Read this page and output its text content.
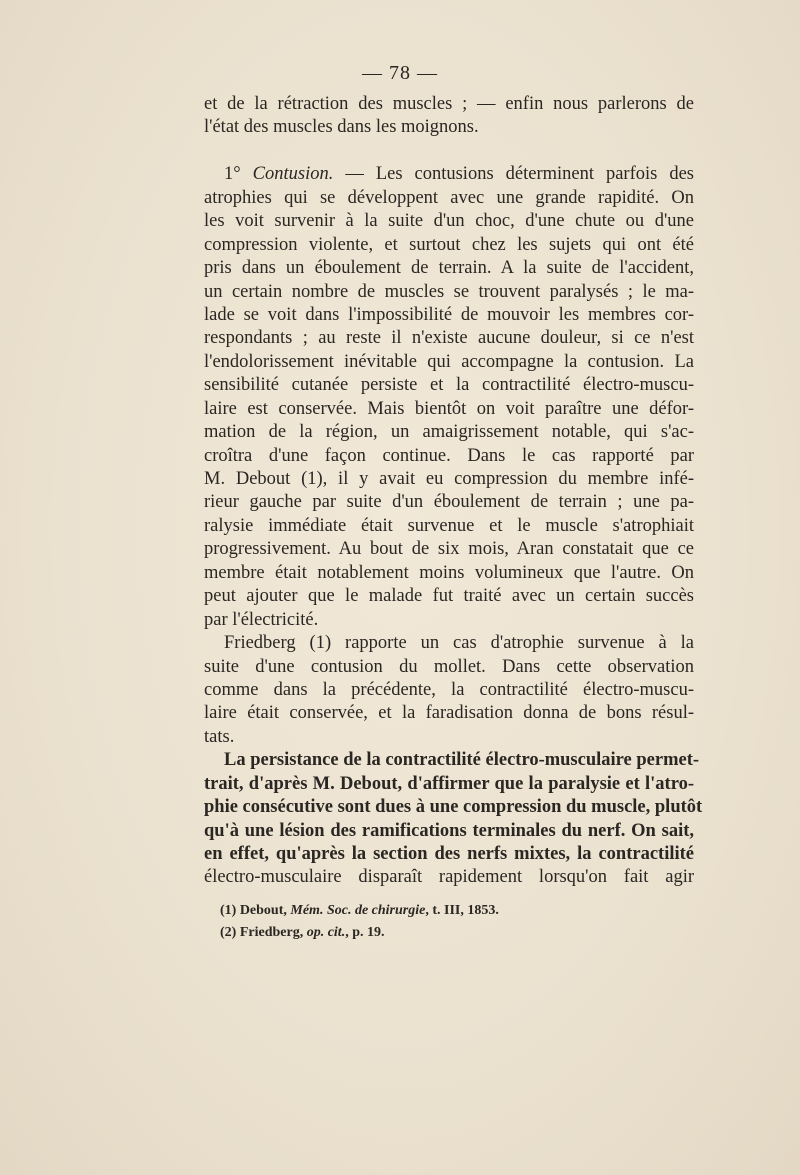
— 78 —
et de la rétraction des muscles ; — enfin nous parlerons de
l'état des muscles dans les moignons.
1° Contusion. — Les contusions déterminent parfois des
atrophies qui se développent avec une grande rapidité. On
les voit survenir à la suite d'un choc, d'une chute ou d'une
compression violente, et surtout chez les sujets qui ont été
pris dans un éboulement de terrain. A la suite de l'accident,
un certain nombre de muscles se trouvent paralysés ; le ma-
lade se voit dans l'impossibilité de mouvoir les membres cor-
respondants ; au reste il n'existe aucune douleur, si ce n'est
l'endolorissement inévitable qui accompagne la contusion. La
sensibilité cutanée persiste et la contractilité électro-muscu-
laire est conservée. Mais bientôt on voit paraître une défor-
mation de la région, un amaigrissement notable, qui s'ac-
croîtra d'une façon continue. Dans le cas rapporté par
M. Debout (1), il y avait eu compression du membre infé-
rieur gauche par suite d'un éboulement de terrain ; une pa-
ralysie immédiate était survenue et le muscle s'atrophiait
progressivement. Au bout de six mois, Aran constatait que ce
membre était notablement moins volumineux que l'autre. On
peut ajouter que le malade fut traité avec un certain succès
par l'électricité.
Friedberg (1) rapporte un cas d'atrophie survenue à la
suite d'une contusion du mollet. Dans cette observation
comme dans la précédente, la contractilité électro-muscu-
laire était conservée, et la faradisation donna de bons résul-
tats.
La persistance de la contractilité électro-musculaire permet-
trait, d'après M. Debout, d'affirmer que la paralysie et l'atro-
phie consécutive sont dues à une compression du muscle, plutôt
qu'à une lésion des ramifications terminales du nerf. On sait,
en effet, qu'après la section des nerfs mixtes, la contractilité
électro-musculaire disparaît rapidement lorsqu'on fait agir
(1) Debout, Mém. Soc. de chirurgie, t. III, 1853.
(2) Friedberg, op. cit., p. 19.
